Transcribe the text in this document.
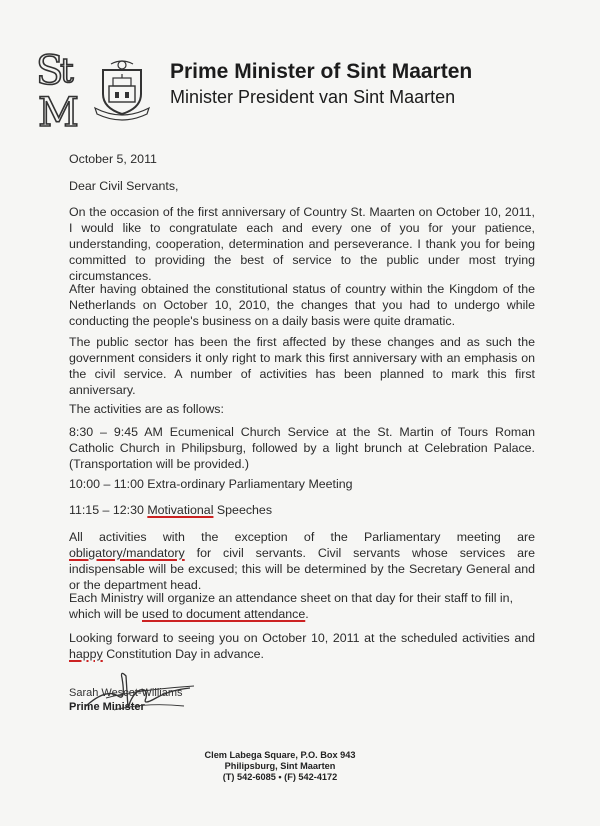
S
t
M
Prime Minister of Sint Maarten
Minister President van Sint Maarten
October 5, 2011
Dear Civil Servants,
On the occasion of the first anniversary of Country St. Maarten on October 10, 2011, I would like to congratulate each and every one of you for your patience, understanding, cooperation, determination and perseverance. I thank you for being committed to providing the best of service to the public under most trying circumstances.
After having obtained the constitutional status of country within the Kingdom of the Netherlands on October 10, 2010, the changes that you had to undergo while conducting the people's business on a daily basis were quite dramatic.
The public sector has been the first affected by these changes and as such the government considers it only right to mark this first anniversary with an emphasis on the civil service. A number of activities has been planned to mark this first anniversary.
The activities are as follows:
8:30 – 9:45 AM Ecumenical Church Service at the St. Martin of Tours Roman Catholic Church in Philipsburg, followed by a light brunch at Celebration Palace. (Transportation will be provided.)
10:00 – 11:00 Extra-ordinary Parliamentary Meeting
11:15 – 12:30 Motivational Speeches
All activities with the exception of the Parliamentary meeting are obligatory/mandatory for civil servants. Civil servants whose services are indispensable will be excused; this will be determined by the Secretary General and or the department head.
Each Ministry will organize an attendance sheet on that day for their staff to fill in, which will be used to document attendance.
Looking forward to seeing you on October 10, 2011 at the scheduled activities and happy Constitution Day in advance.
Sarah Wescot-Williams
Prime Minister
Clem Labega Square, P.O. Box 943
Philipsburg, Sint Maarten
(T) 542-6085 • (F) 542-4172
